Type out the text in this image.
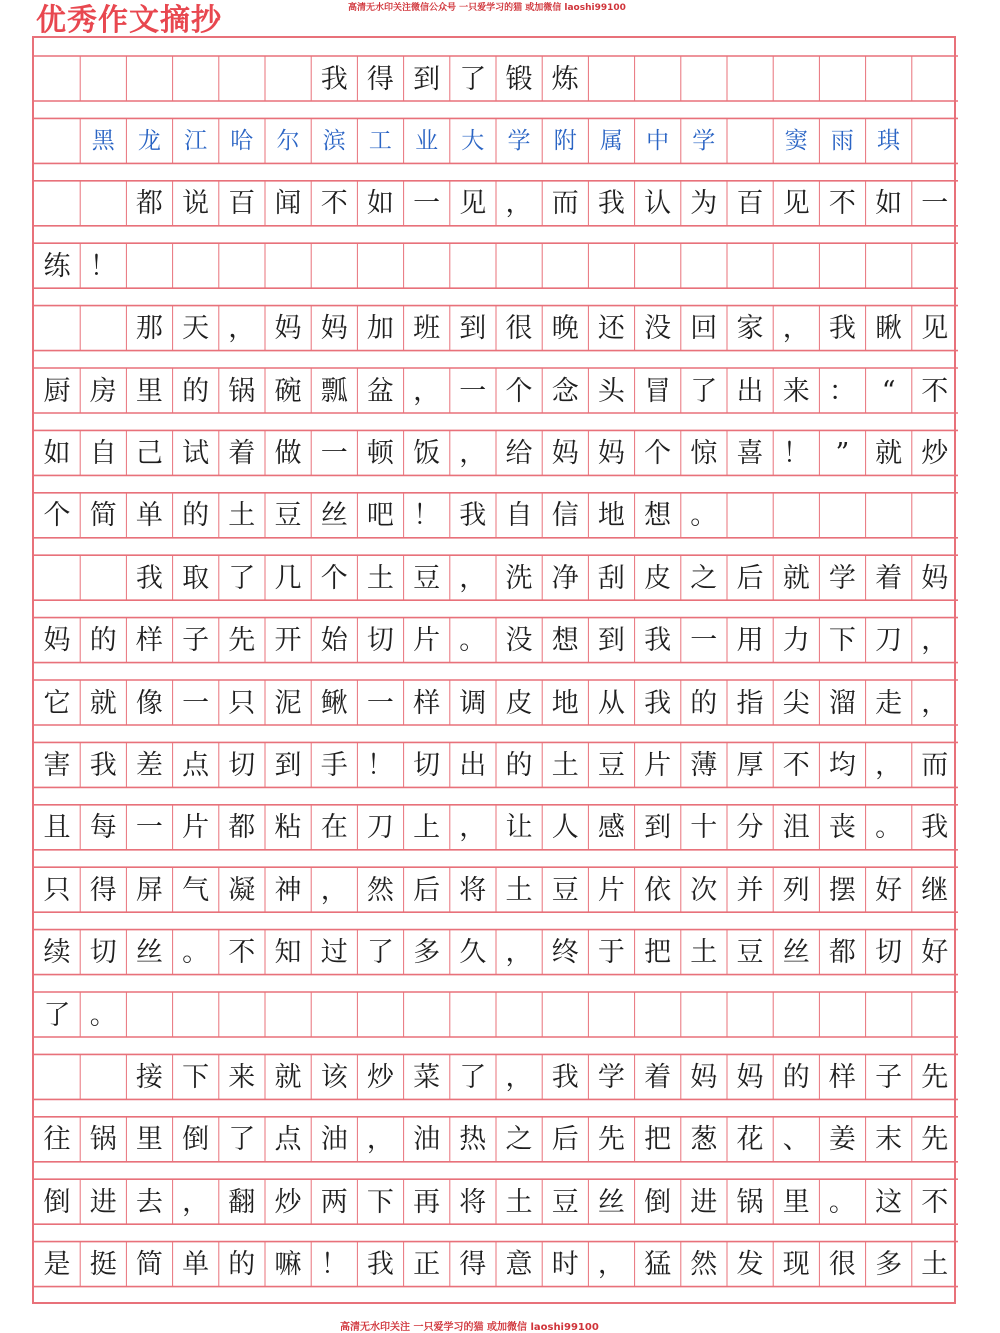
优秀作文摘抄	高清无水印关注微信公众号 一只爱学习的猫 或加微信 laoshi99100
我 得 到 了 锻 炼
黑	龙	江	哈	尔	滨	工	业	大	学	附	属	中	学	窦	雨	琪
都 说 百 闻 不 如 一 见 ， 而 我 认 为 百 见 不 如 一
练 ！
那 天 ， 妈 妈 加 班 到 很 晚 还 没 回 家 ， 我 瞅 见
厨 房 里 的 锅 碗 瓢 盆 ， 一 个 念 头 冒 了 出 来 ： “ 不
如 自 己 试 着 做 一 顿 饭 ， 给 妈 妈 个 惊 喜 ！ ” 就 炒
个 简 单 的 土 豆 丝 吧 ！ 我 自 信 地 想 。
我 取 了 几 个 土 豆 ， 洗 净 刮 皮 之 后 就 学 着 妈
妈 的 样 子 先 开 始 切 片 。 没 想 到 我 一 用 力 下 刀 ，
它 就 像 一 只 泥 鳅 一 样 调 皮 地 从 我 的 指 尖 溜 走 ，
害 我 差 点 切 到 手 ！ 切 出 的 土 豆 片 薄 厚 不 均 ， 而
且 每 一 片 都 粘 在 刀 上 ， 让 人 感 到 十 分 沮 丧 。 我
只 得 屏 气 凝 神 ， 然 后 将 土 豆 片 依 次 并 列 摆 好 继
续 切 丝 。 不 知 过 了 多 久 ， 终 于 把 土 豆 丝 都 切 好
了 。
接 下 来 就 该 炒 菜 了 ， 我 学 着 妈 妈 的 样 子 先
往 锅 里 倒 了 点 油 ， 油 热 之 后 先 把 葱 花 、 姜 末 先
倒 进 去 ， 翻 炒 两 下 再 将 土 豆 丝 倒 进 锅 里 。 这 不
是 挺 简 单 的 嘛 ！ 我 正 得 意 时 ， 猛 然 发 现 很 多 土
高清无水印关注 一只爱学习的猫 或加微信 laoshi99100
